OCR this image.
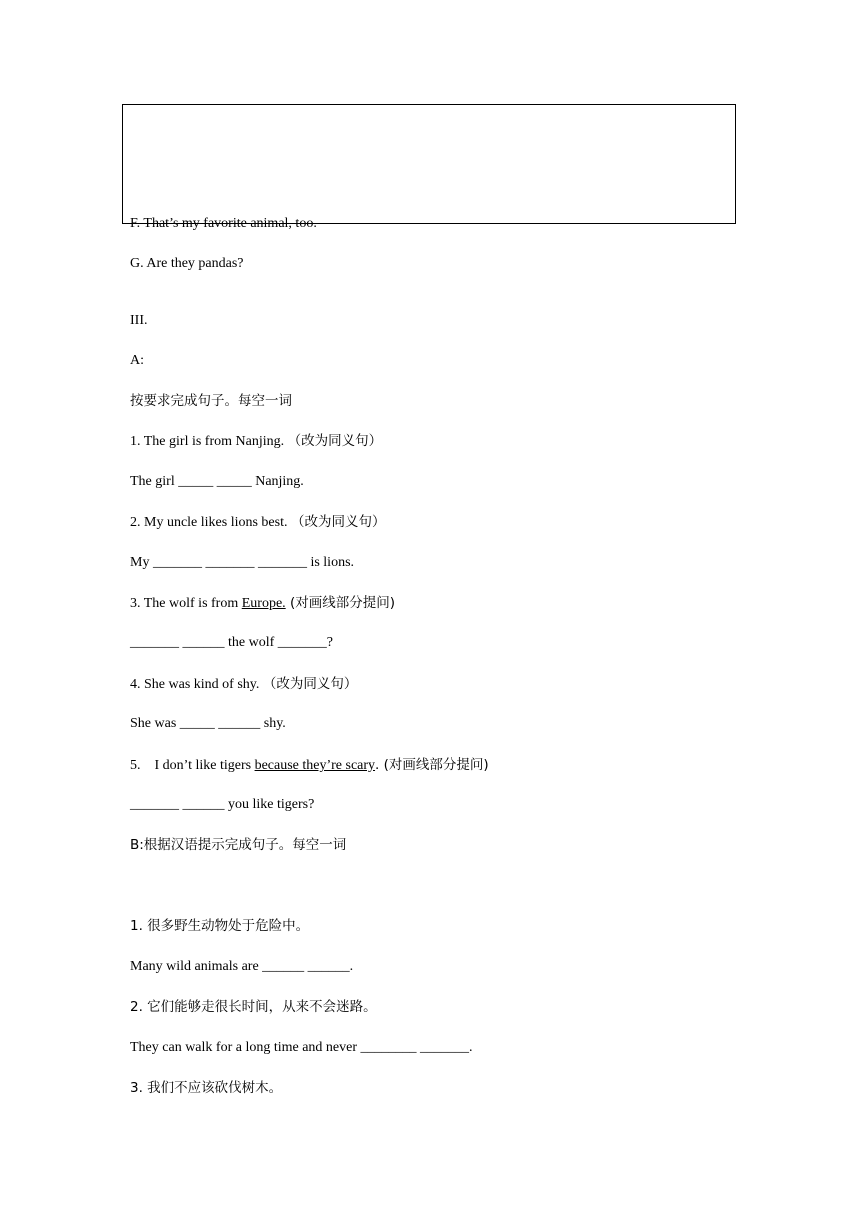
F. That’s my favorite animal, too.
G. Are they pandas?
III.
A:
按要求完成句子。每空一词
1. The girl is from Nanjing. （改为同义句）
The girl _____ _____ Nanjing.
2. My uncle likes lions best. （改为同义句）
My _______ _______ _______ is lions.
3. The wolf is from Europe. (对画线部分提问)
_______ ______ the wolf _______?
4. She was kind of shy. （改为同义句）
She was _____ ______ shy.
5.    I don’t like tigers because they’re scary. (对画线部分提问)
_______ ______ you like tigers?
B:根据汉语提示完成句子。每空一词
1. 很多野生动物处于危险中。
Many wild animals are ______ ______.
2. 它们能够走很长时间，从来不会迷路。
They can walk for a long time and never ________ _______.
3. 我们不应该砍伐树木。
